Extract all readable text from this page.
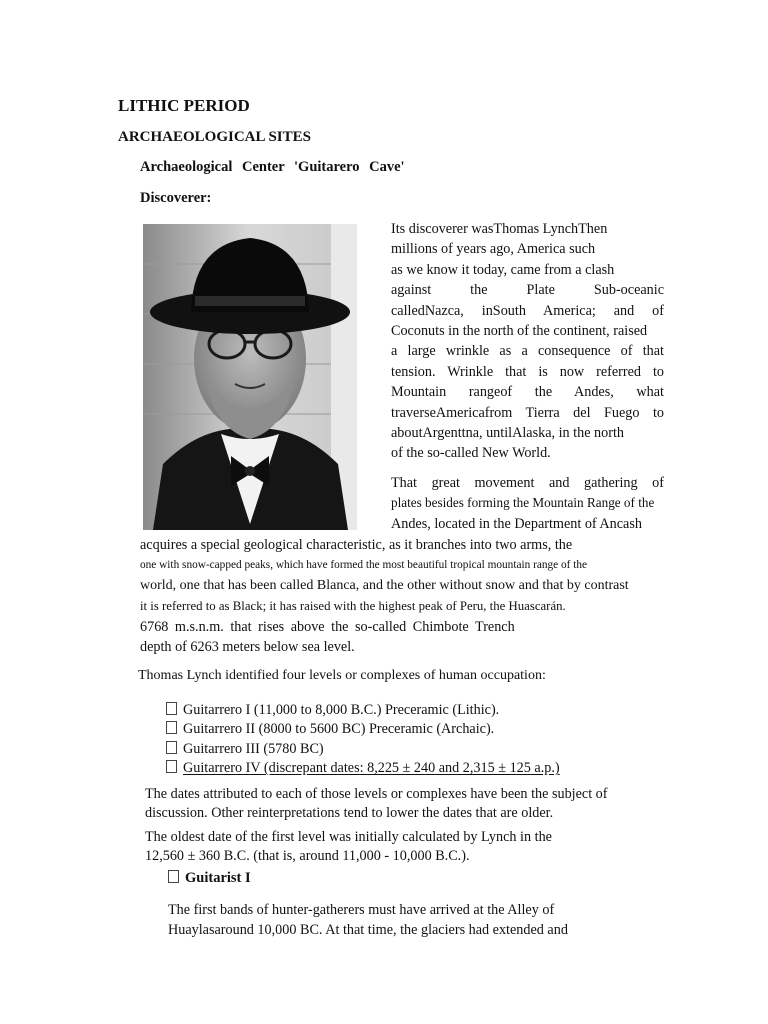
LITHIC PERIOD
ARCHAEOLOGICAL SITES
Archaeological Center 'Guitarero Cave'
Discoverer:
Its discoverer wasThomas LynchThen
millions of years ago, America such
as we know it today, came from a clash
against the Plate Sub-oceanic
calledNazca, inSouth America; and of
Coconuts in the north of the continent, raised
a large wrinkle as a consequence of that
tension. Wrinkle that is now referred to
Mountain rangeof the Andes, what
traverseAmericafrom Tierra del Fuego to
aboutArgenttna, untilAlaska, in the north
of the so-called New World.
That great movement and gathering of
plates besides forming the Mountain Range of the
Andes, located in the Department of Ancash
acquires a special geological characteristic, as it branches into two arms, the
one with snow-capped peaks, which have formed the most beautiful tropical mountain range of the
world, one that has been called Blanca, and the other without snow and that by contrast
it is referred to as Black; it has raised with the highest peak of Peru, the Huascarán.
6768 m.s.n.m. that rises above the so-called Chimbote Trench
depth of 6263 meters below sea level.
Thomas Lynch identified four levels or complexes of human occupation:
Guitarrero I (11,000 to 8,000 B.C.) Preceramic (Lithic).
Guitarrero II (8000 to 5600 BC) Preceramic (Archaic).
Guitarrero III (5780 BC)
Guitarrero IV (discrepant dates: 8,225 ± 240 and 2,315 ± 125 a.p.)
The dates attributed to each of those levels or complexes have been the subject of
discussion. Other reinterpretations tend to lower the dates that are older.
The oldest date of the first level was initially calculated by Lynch in the
12,560 ± 360 B.C. (that is, around 11,000 - 10,000 B.C.).
Guitarist I
The first bands of hunter-gatherers must have arrived at the Alley of
Huaylasaround 10,000 BC. At that time, the glaciers had extended and
